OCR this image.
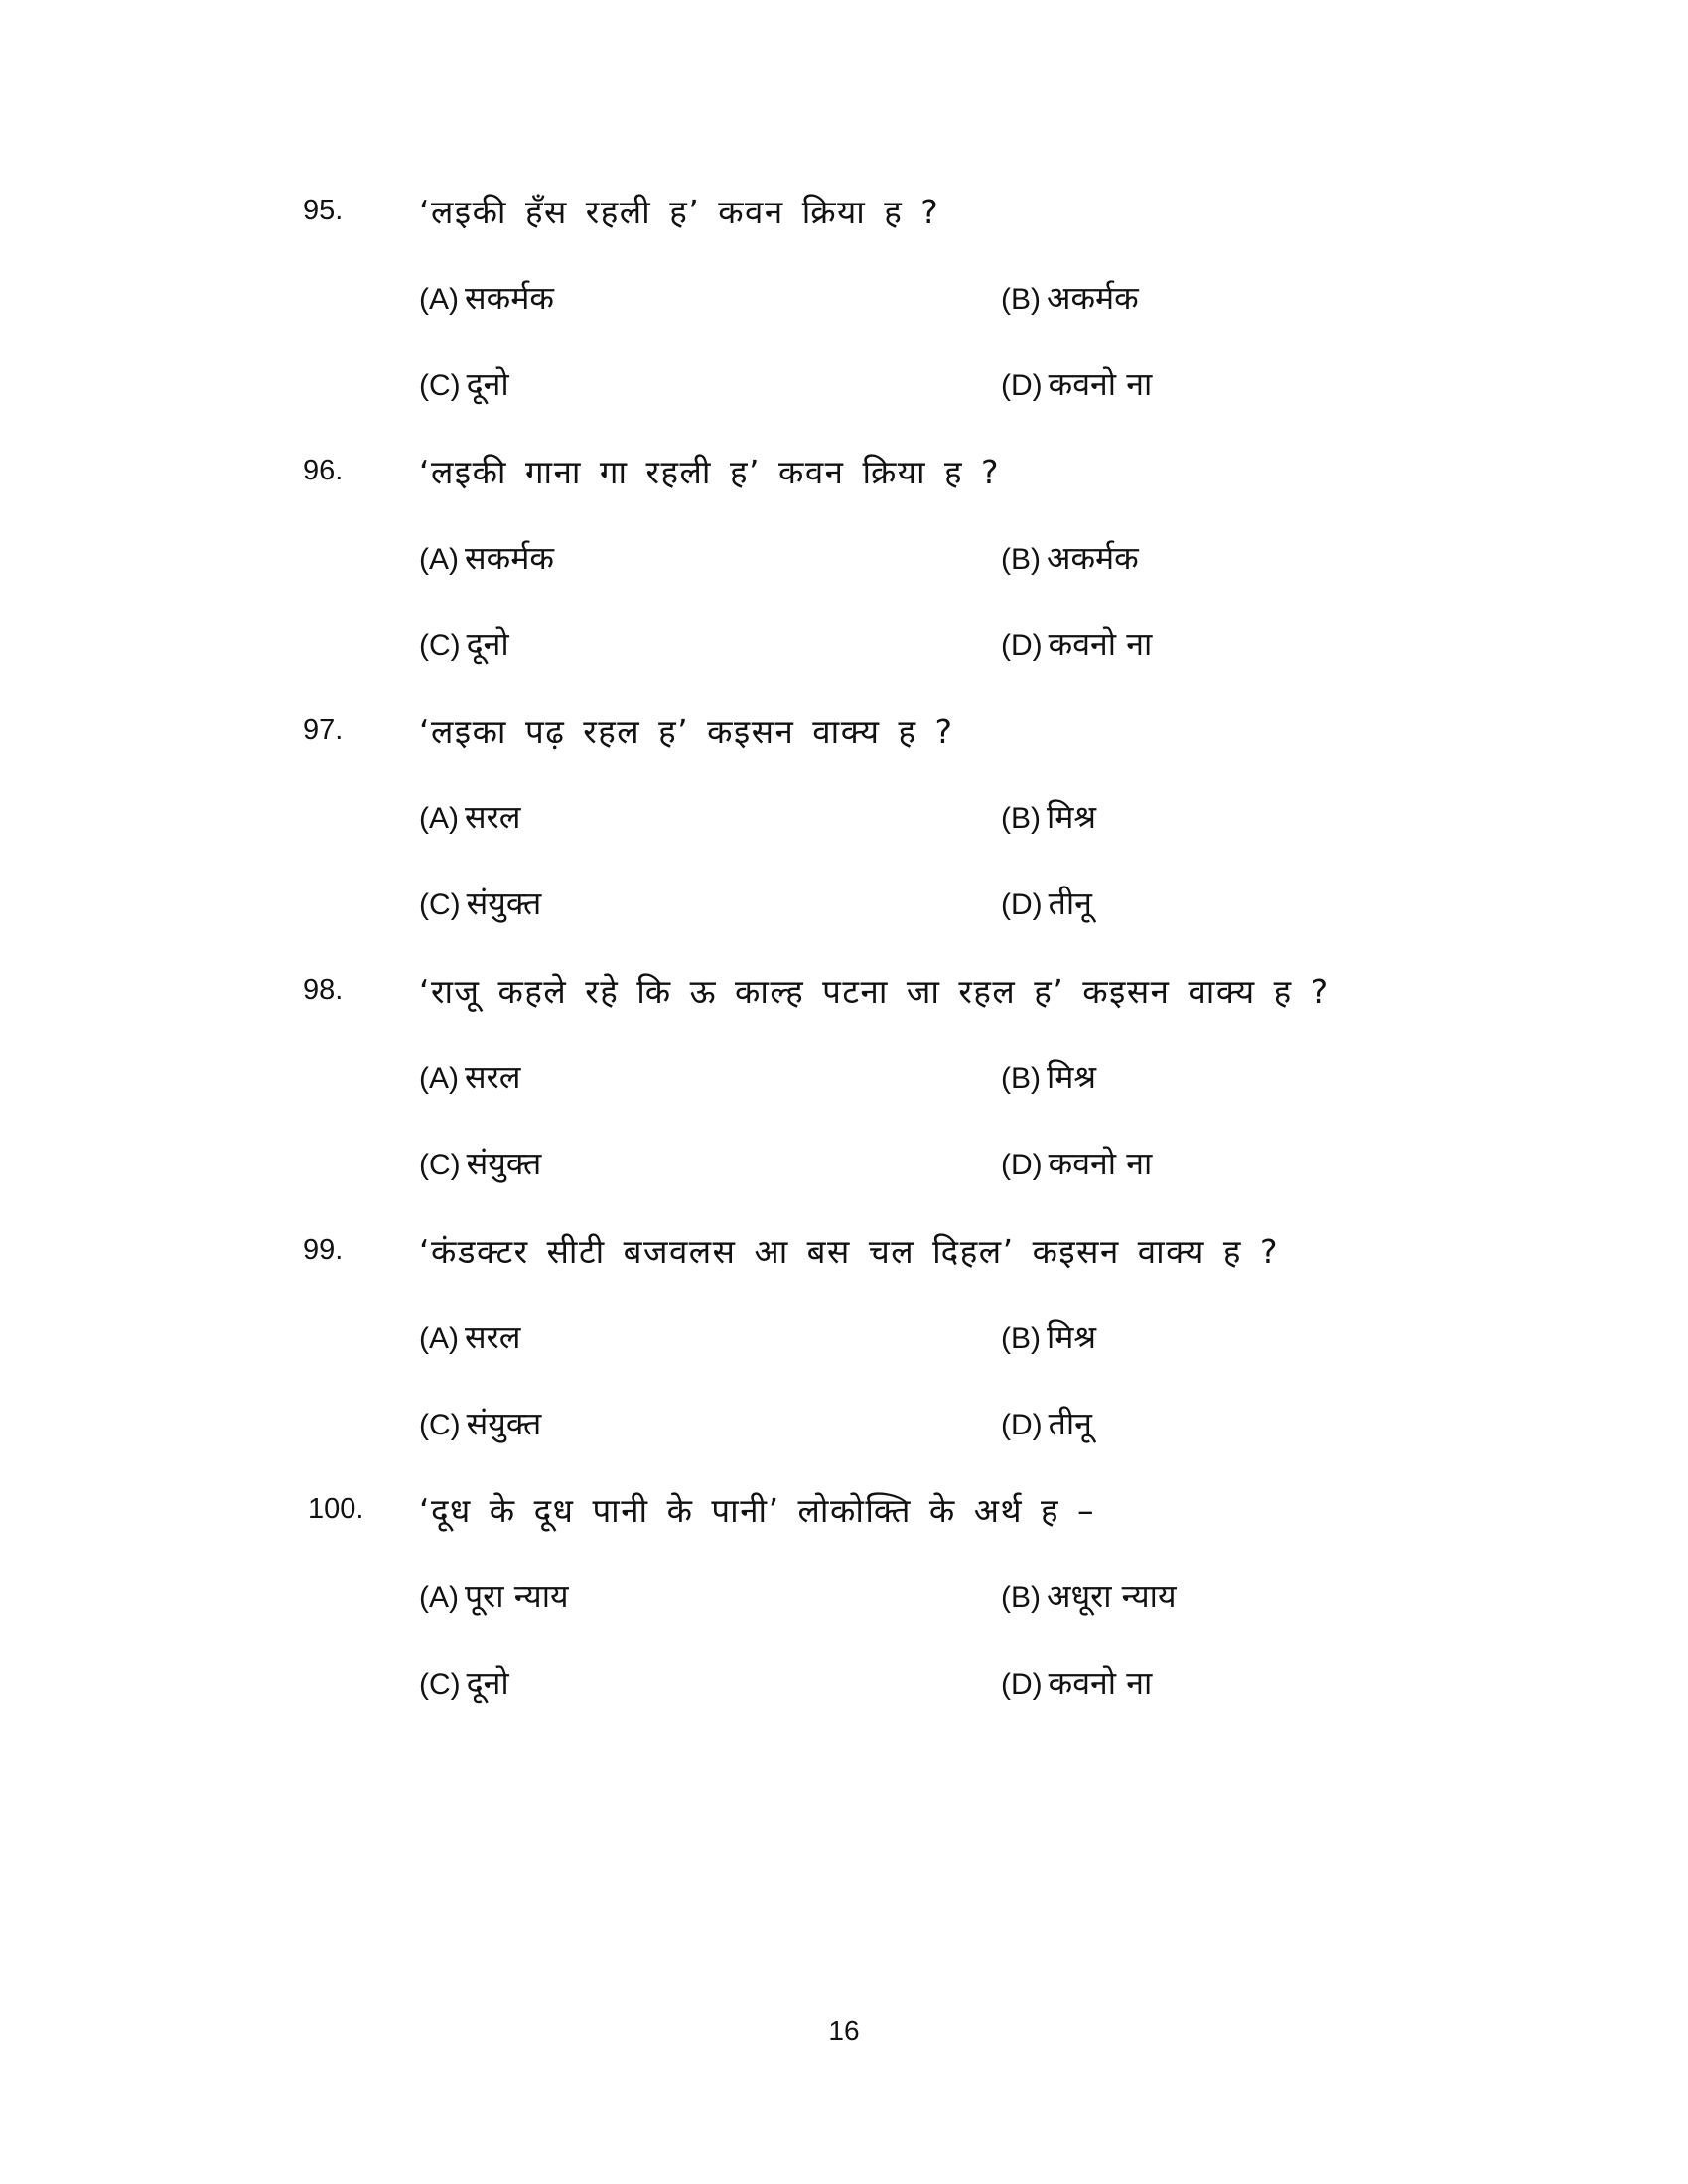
95. ‘लइकी हँस रहली ह’ कवन क्रिया ह ?
(A) सकर्मक	(B) अकर्मक
(C) दूनो	(D) कवनो ना
96. ‘लइकी गाना गा रहली ह’ कवन क्रिया ह ?
(A) सकर्मक	(B) अकर्मक
(C) दूनो	(D) कवनो ना
97. ‘लइका पढ़ रहल ह’ कइसन वाक्य ह ?
(A) सरल	(B) मिश्र
(C) संयुक्त	(D) तीनू
98. ‘राजू कहले रहे कि ऊ काल्ह पटना जा रहल ह’ कइसन वाक्य ह ?
(A) सरल	(B) मिश्र
(C) संयुक्त	(D) कवनो ना
99. ‘कंडक्टर सीटी बजवलस आ बस चल दिहल’ कइसन वाक्य ह ?
(A) सरल	(B) मिश्र
(C) संयुक्त	(D) तीनू
100. ‘दूध के दूध पानी के पानी’ लोकोक्ति के अर्थ ह –
(A) पूरा न्याय	(B) अधूरा न्याय
(C) दूनो	(D) कवनो ना
16
